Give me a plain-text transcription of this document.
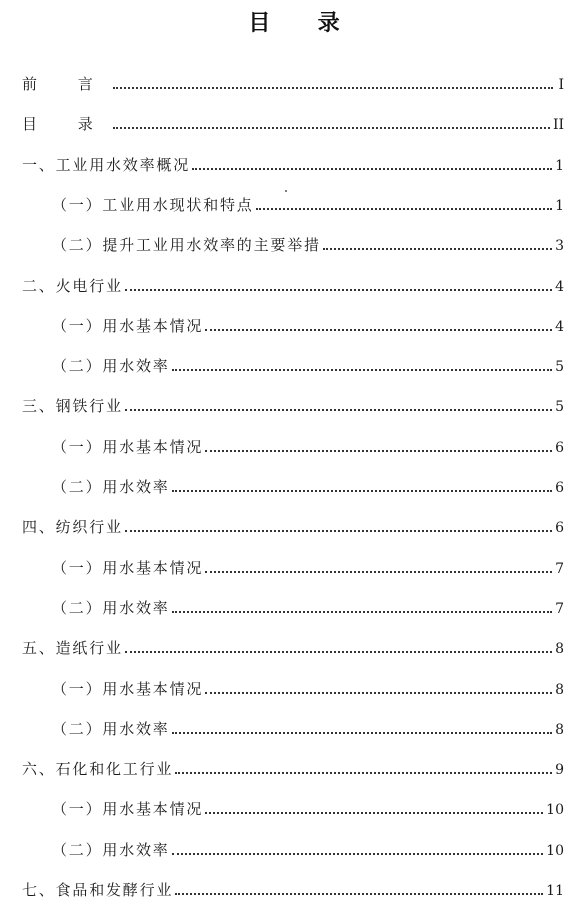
目 录
前 言	I
目 录	II
一、工业用水效率概况	1
（一）工业用水现状和特点	1
（二）提升工业用水效率的主要举措	3
二、火电行业	4
（一）用水基本情况	4
（二）用水效率	5
三、钢铁行业	5
（一）用水基本情况	6
（二）用水效率	6
四、纺织行业	6
（一）用水基本情况	7
（二）用水效率	7
五、造纸行业	8
（一）用水基本情况	8
（二）用水效率	8
六、石化和化工行业	9
（一）用水基本情况	10
（二）用水效率	10
七、食品和发酵行业	11
